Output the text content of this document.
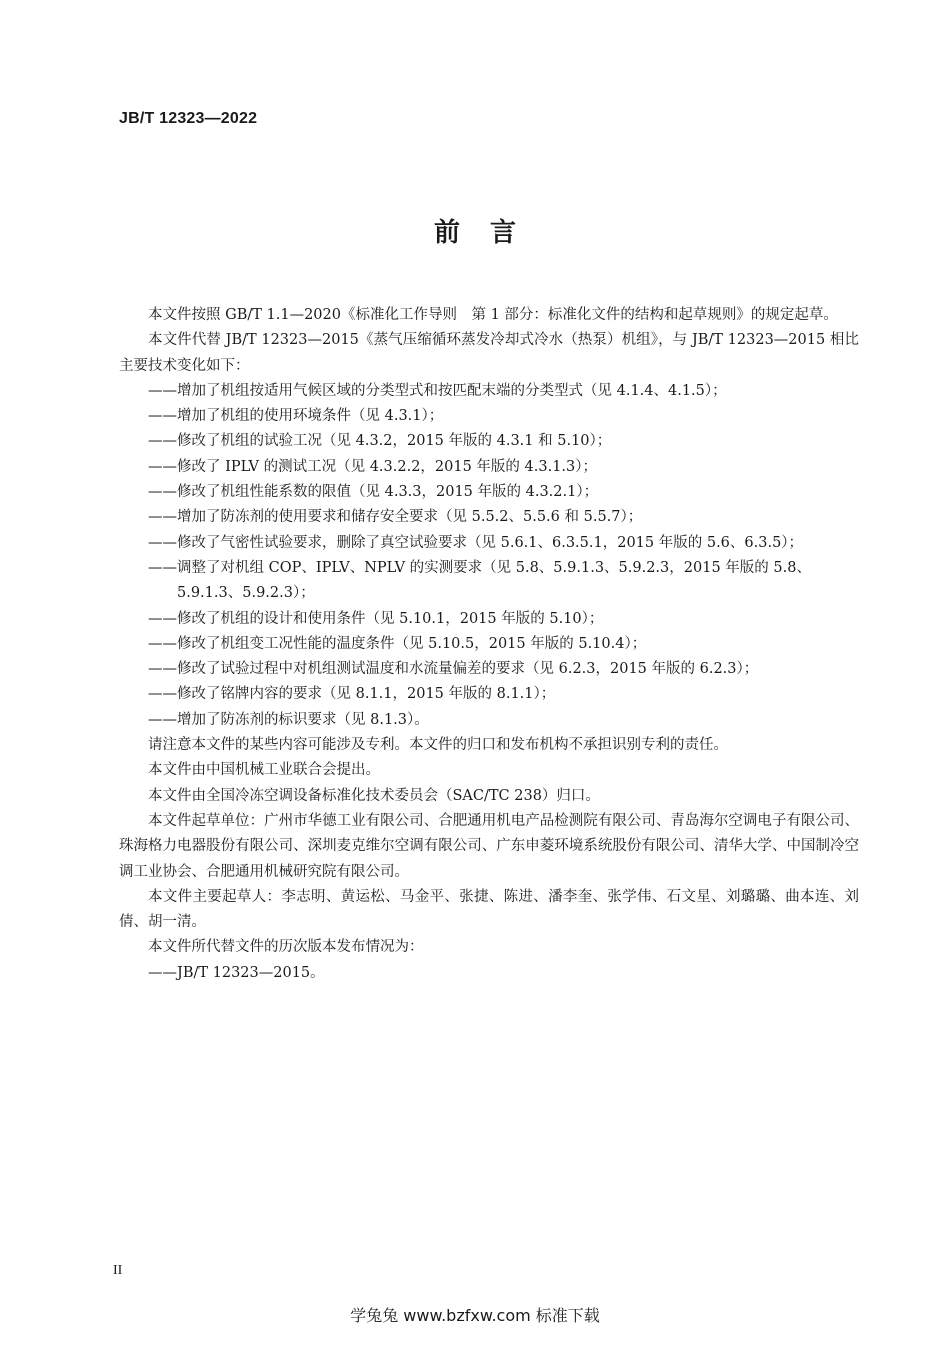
JB/T 12323—2022
前言

本文件按照 GB/T 1.1—2020《标准化工作导则　第 1 部分：标准化文件的结构和起草规则》的规定起草。

本文件代替 JB/T 12323—2015《蒸气压缩循环蒸发冷却式冷水（热泵）机组》，与 JB/T 12323—2015 相比主要技术变化如下：

—— 增加了机组按适用气候区域的分类型式和按匹配末端的分类型式（见 4.1.4、4.1.5）；
—— 增加了机组的使用环境条件（见 4.3.1）；
—— 修改了机组的试验工况（见 4.3.2，2015 年版的 4.3.1 和 5.10）；
—— 修改了 IPLV 的测试工况（见 4.3.2.2，2015 年版的 4.3.1.3）；
—— 修改了机组性能系数的限值（见 4.3.3，2015 年版的 4.3.2.1）；
—— 增加了防冻剂的使用要求和储存安全要求（见 5.5.2、5.5.6 和 5.5.7）；
—— 修改了气密性试验要求，删除了真空试验要求（见 5.6.1、6.3.5.1，2015 年版的 5.6、6.3.5）；
—— 调整了对机组 COP、IPLV、NPLV 的实测要求（见 5.8、5.9.1.3、5.9.2.3，2015 年版的 5.8、5.9.1.3、5.9.2.3）；
—— 修改了机组的设计和使用条件（见 5.10.1，2015 年版的 5.10）；
—— 修改了机组变工况性能的温度条件（见 5.10.5，2015 年版的 5.10.4）；
—— 修改了试验过程中对机组测试温度和水流量偏差的要求（见 6.2.3，2015 年版的 6.2.3）；
—— 修改了铭牌内容的要求（见 8.1.1，2015 年版的 8.1.1）；
—— 增加了防冻剂的标识要求（见 8.1.3）。

请注意本文件的某些内容可能涉及专利。本文件的归口和发布机构不承担识别专利的责任。

本文件由中国机械工业联合会提出。

本文件由全国冷冻空调设备标准化技术委员会（SAC/TC 238）归口。

本文件起草单位：广州市华德工业有限公司、合肥通用机电产品检测院有限公司、青岛海尔空调电子有限公司、珠海格力电器股份有限公司、深圳麦克维尔空调有限公司、广东申菱环境系统股份有限公司、清华大学、中国制冷空调工业协会、合肥通用机械研究院有限公司。

本文件主要起草人：李志明、黄运松、马金平、张捷、陈进、潘李奎、张学伟、石文星、刘璐璐、曲本连、刘倩、胡一清。

本文件所代替文件的历次版本发布情况为：

—— JB/T 12323—2015。
II
学兔兔 www.bzfxw.com 标准下载
